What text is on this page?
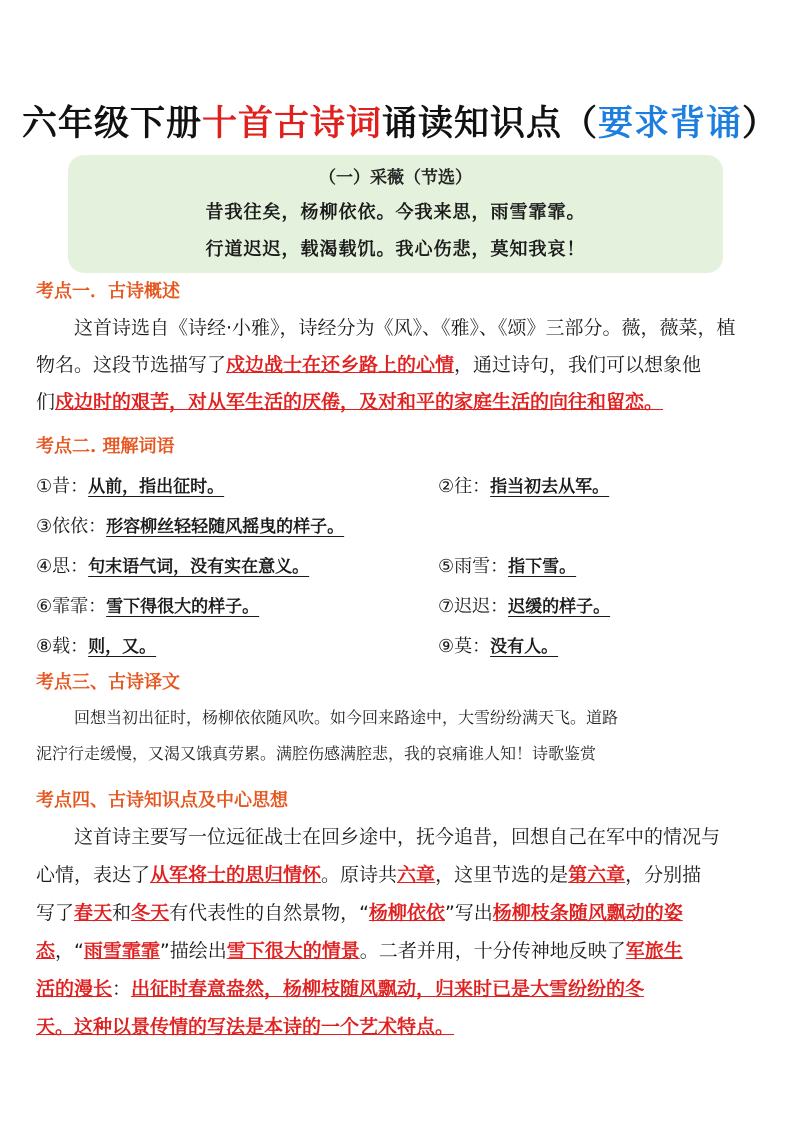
六年级下册十首古诗词诵读知识点（要求背诵）
（一）采薇（节选）
昔我往矣，杨柳依依。今我来思，雨雪霏霏。
行道迟迟，载渴载饥。我心伤悲，莫知我哀！
考点一．古诗概述
这首诗选自《诗经·小雅》，诗经分为《风》、《雅》、《颂》三部分。薇，薇菜，植
物名。这段节选描写了戍边战士在还乡路上的心情，通过诗句，我们可以想象他
们戍边时的艰苦，对从军生活的厌倦，及对和平的家庭生活的向往和留恋。
考点二. 理解词语
①昔：从前，指出征时。	②往：指当初去从军。
③依依：形容柳丝轻轻随风摇曳的样子。
④思：句末语气词，没有实在意义。	⑤雨雪：指下雪。
⑥霏霏：雪下得很大的样子。	⑦迟迟：迟缓的样子。
⑧载：则，又。	⑨莫：没有人。
考点三、古诗译文
回想当初出征时，杨柳依依随风吹。如今回来路途中，大雪纷纷满天飞。道路
泥泞行走缓慢，又渴又饿真劳累。满腔伤感满腔悲，我的哀痛谁人知！诗歌鉴赏
考点四、古诗知识点及中心思想
这首诗主要写一位远征战士在回乡途中，抚今追昔，回想自己在军中的情况与
心情，表达了从军将士的思归情怀。原诗共六章，这里节选的是第六章，分别描
写了春天和冬天有代表性的自然景物，“杨柳依依”写出杨柳枝条随风飘动的姿
态，“雨雪霏霏”描绘出雪下很大的情景。二者并用，十分传神地反映了军旅生
活的漫长：出征时春意盎然，杨柳枝随风飘动，归来时已是大雪纷纷的冬
天。这种以景传情的写法是本诗的一个艺术特点。
